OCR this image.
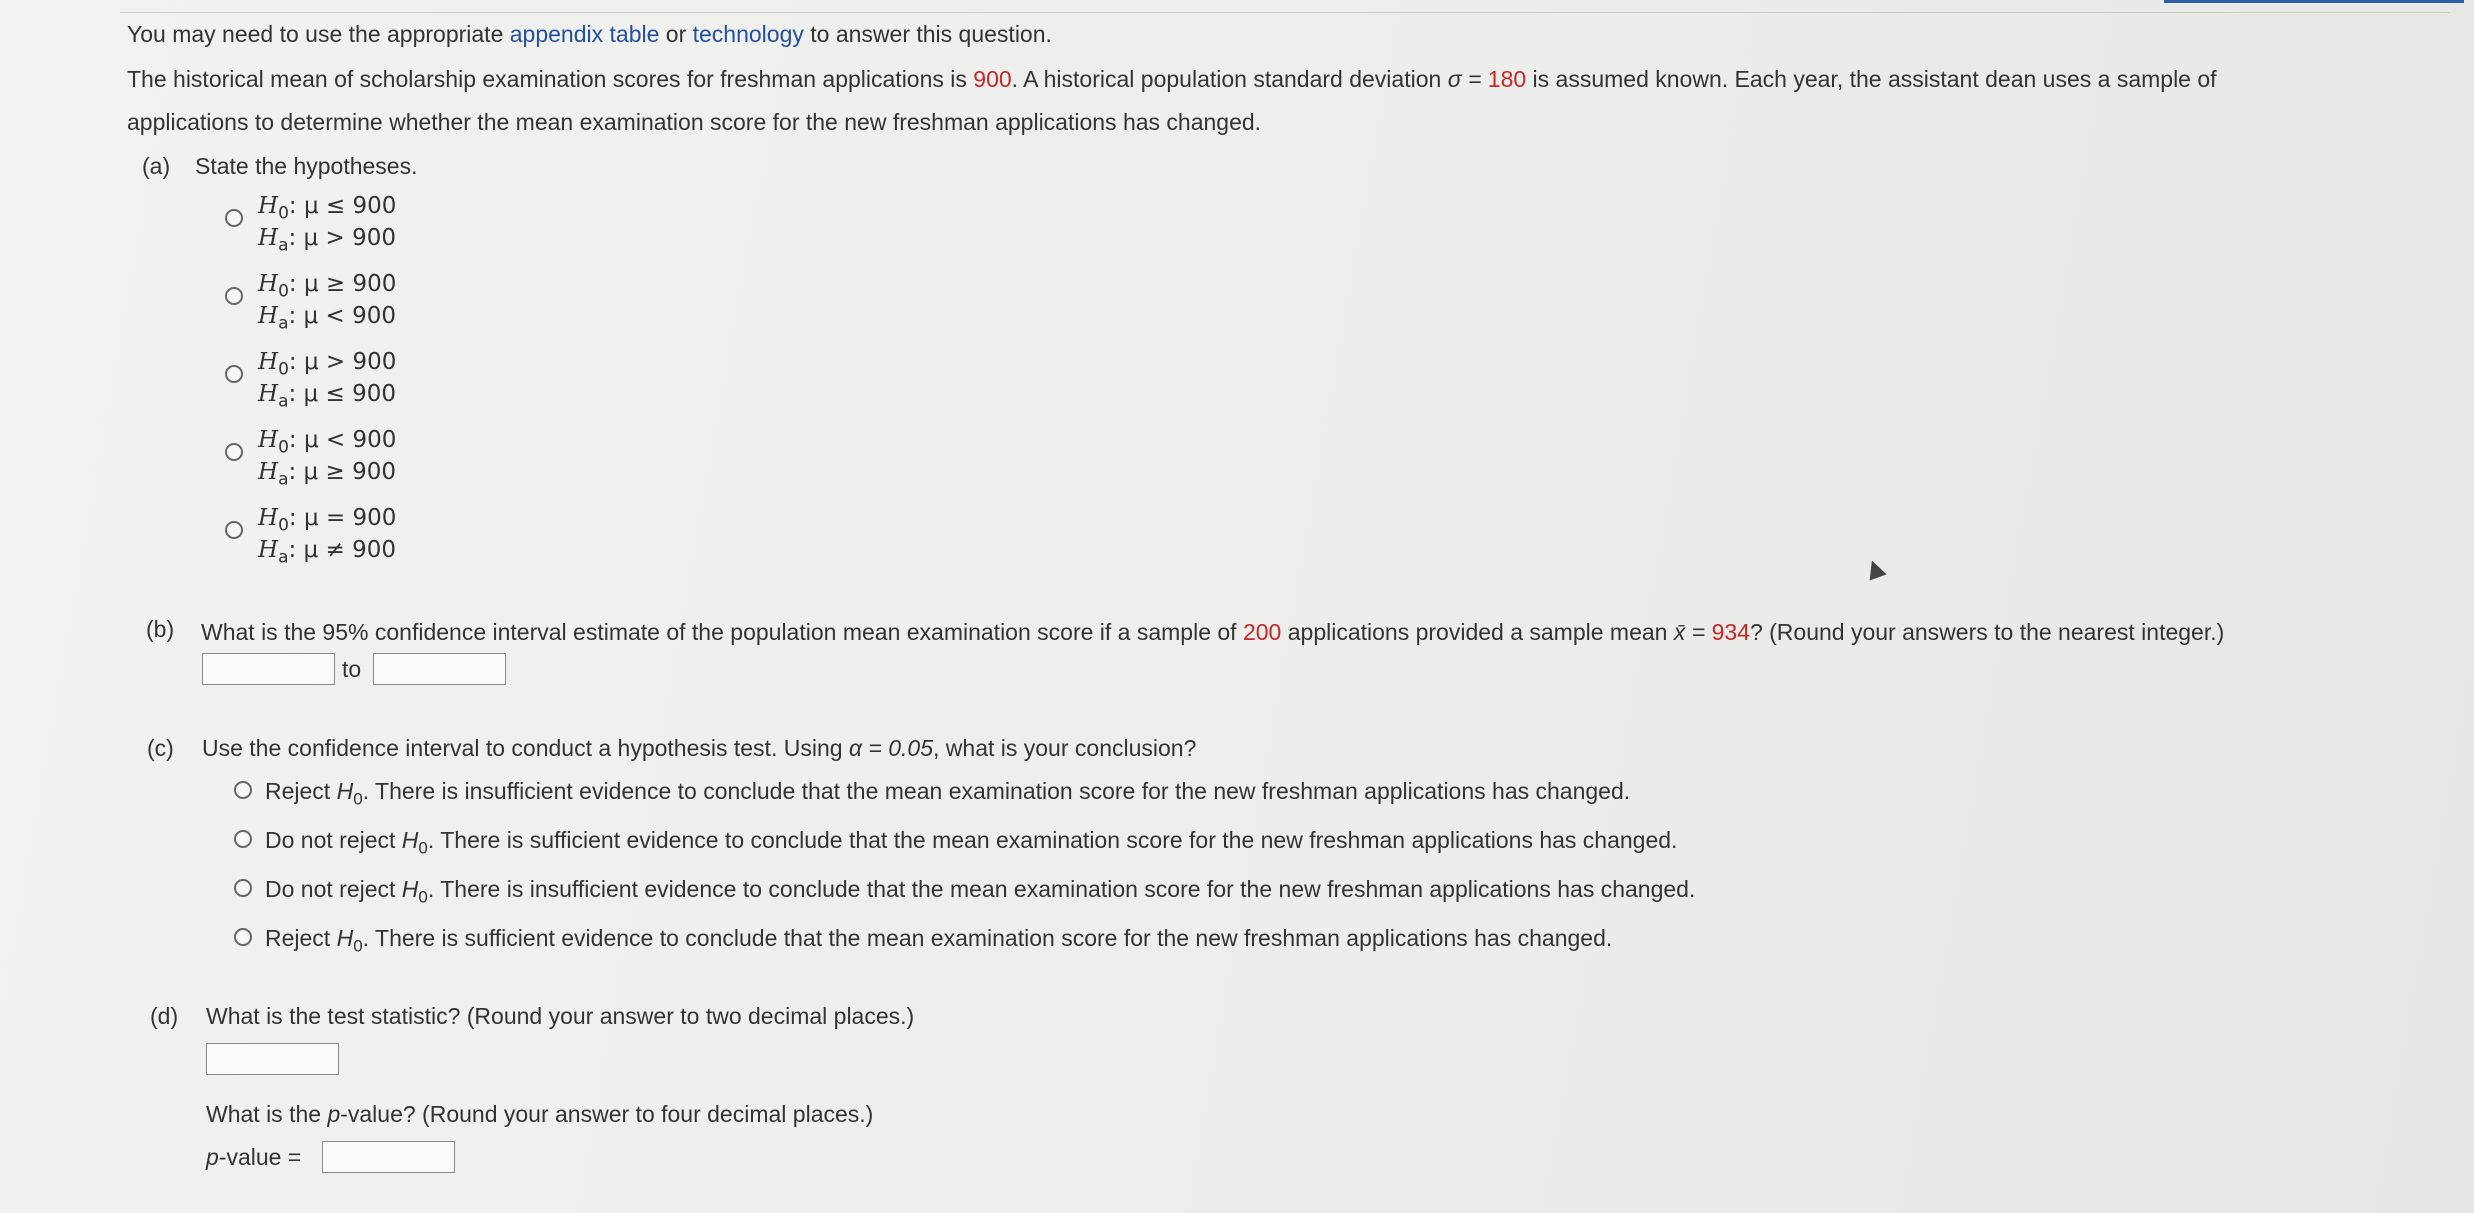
You may need to use the appropriate appendix table or technology to answer this question.
The historical mean of scholarship examination scores for freshman applications is 900. A historical population standard deviation σ = 180 is assumed known. Each year, the assistant dean uses a sample of
applications to determine whether the mean examination score for the new freshman applications has changed.
(a) State the hypotheses.
$H_0$: μ ≤ 900
$H_a$: μ > 900
$H_0$: μ ≥ 900
$H_a$: μ < 900
$H_0$: μ > 900
$H_a$: μ ≤ 900
$H_0$: μ < 900
$H_a$: μ ≥ 900
$H_0$: μ = 900
$H_a$: μ ≠ 900
(b) What is the 95% confidence interval estimate of the population mean examination score if a sample of 200 applications provided a sample mean x̄ = 934? (Round your answers to the nearest integer.)
to
(c) Use the confidence interval to conduct a hypothesis test. Using α = 0.05, what is your conclusion?
Reject $H_0$. There is insufficient evidence to conclude that the mean examination score for the new freshman applications has changed.
Do not reject $H_0$. There is sufficient evidence to conclude that the mean examination score for the new freshman applications has changed.
Do not reject $H_0$. There is insufficient evidence to conclude that the mean examination score for the new freshman applications has changed.
Reject $H_0$. There is sufficient evidence to conclude that the mean examination score for the new freshman applications has changed.
(d) What is the test statistic? (Round your answer to two decimal places.)
What is the p-value? (Round your answer to four decimal places.)
p-value =
